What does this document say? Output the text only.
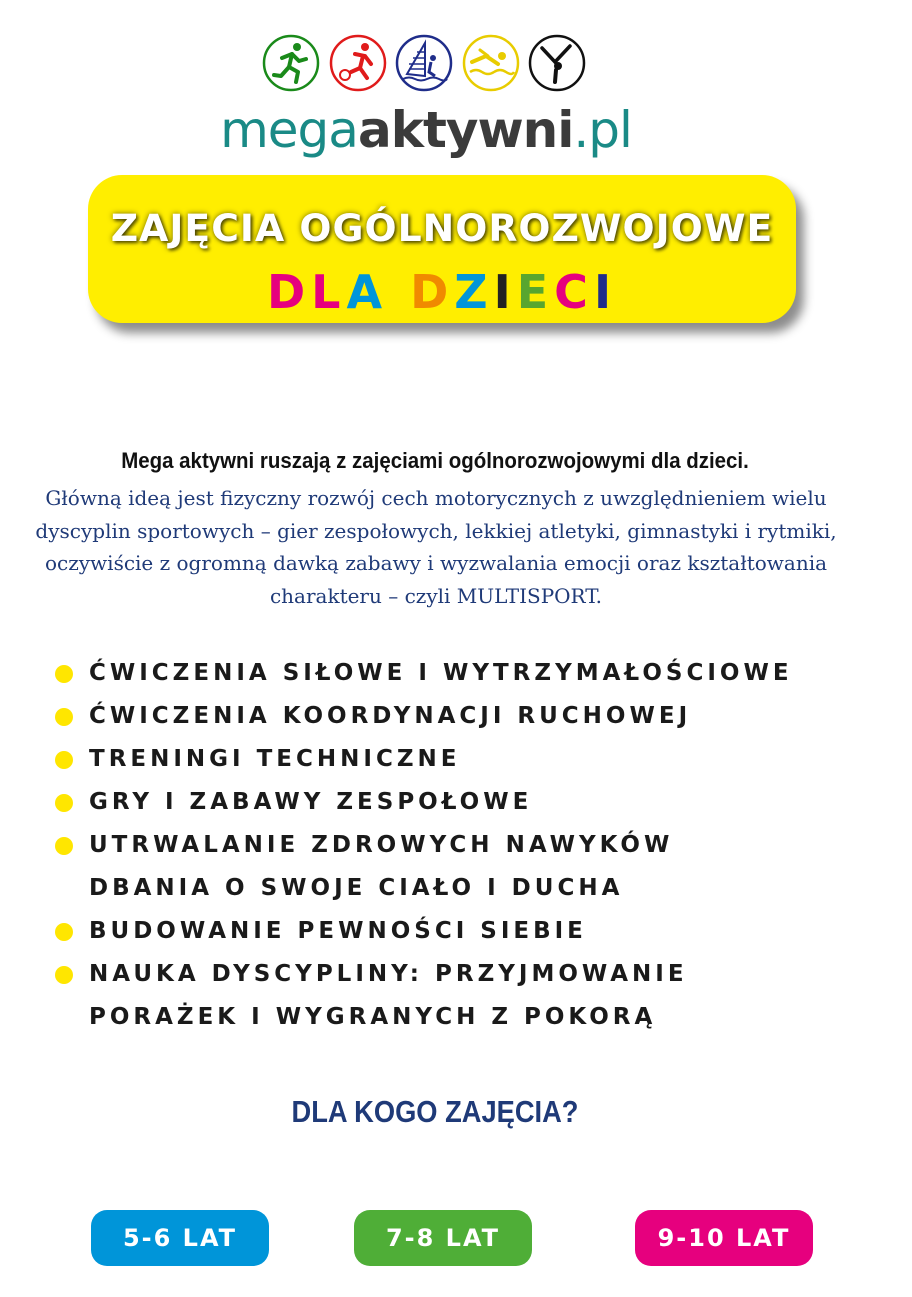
megaaktywni.pl
ZAJĘCIA OGÓLNOROZWOJOWE
DLA DZIECI
Mega aktywni ruszają z zajęciami ogólnorozwojowymi dla dzieci.
Główną ideą jest fizyczny rozwój cech motorycznych z uwzględnieniem wielu dyscyplin sportowych – gier zespołowych, lekkiej atletyki, gimnastyki i rytmiki, oczywiście z ogromną dawką zabawy i wyzwalania emocji oraz kształtowania charakteru – czyli MULTISPORT.
ĆWICZENIA SIŁOWE I WYTRZYMAŁOŚCIOWE
ĆWICZENIA KOORDYNACJI RUCHOWEJ
TRENINGI TECHNICZNE
GRY I ZABAWY ZESPOŁOWE
UTRWALANIE ZDROWYCH NAWYKÓW
DBANIA O SWOJE CIAŁO I DUCHA
BUDOWANIE PEWNOŚCI SIEBIE
NAUKA DYSCYPLINY: PRZYJMOWANIE
PORAŻEK I WYGRANYCH Z POKORĄ
DLA KOGO ZAJĘCIA?
5-6 LAT	7-8 LAT	9-10 LAT
